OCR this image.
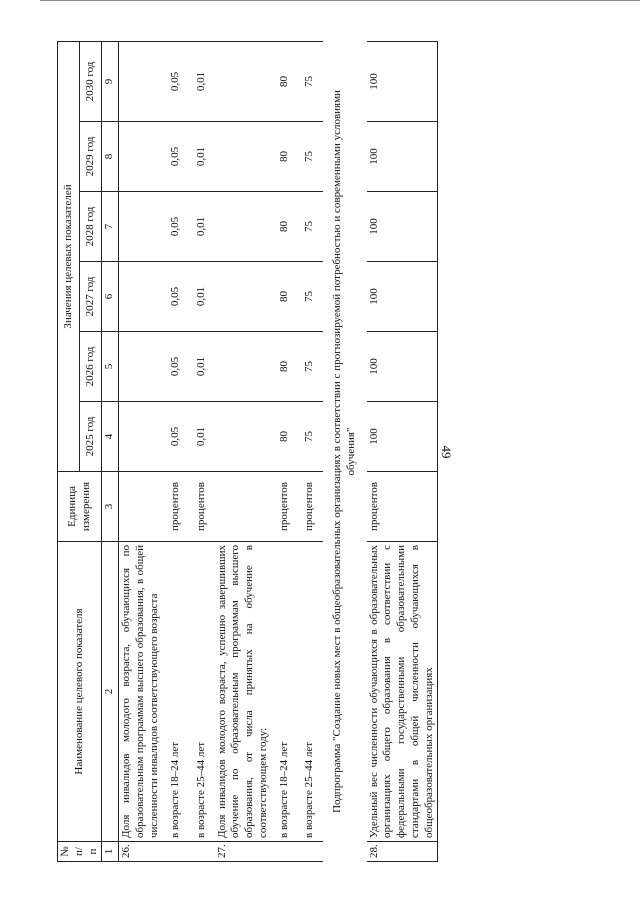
49
№ п/п	Наименование целевого показателя	Единица измерения	Значения целевых показателей					
			2025 год	2026 год	2027 год	2028 год	2029 год	2030 год
1	2	3	4	5	6	7	8	9
26.	Доля инвалидов молодого возраста, обучающихся по образовательным программам высшего образования, в общей численности инвалидов соответствующего возраста							
	в возрасте 18–24 лет	процентов	0,05	0,05	0,05	0,05	0,05	0,05
	в возрасте 25–44 лет	процентов	0,01	0,01	0,01	0,01	0,01	0,01
27.	Доля инвалидов молодого возраста, успешно завершивших обучение по образовательным программам высшего образования, от числа принятых на обучение в соответствующем году:							
	в возрасте 18–24 лет	процентов	80	80	80	80	80	80
	в возрасте 25–44 лет	процентов	75	75	75	75	75	75
Подпрограмма "Создание новых мест в общеобразовательных организациях в соответствии с прогнозируемой потребностью и современными условиями обучения"								
28.	Удельный вес численности обучающихся в образовательных организациях общего образования в соответствии с федеральными государственными образовательными стандартами в общей численности обучающихся в общеобразовательных организациях	процентов	100	100	100	100	100	100
